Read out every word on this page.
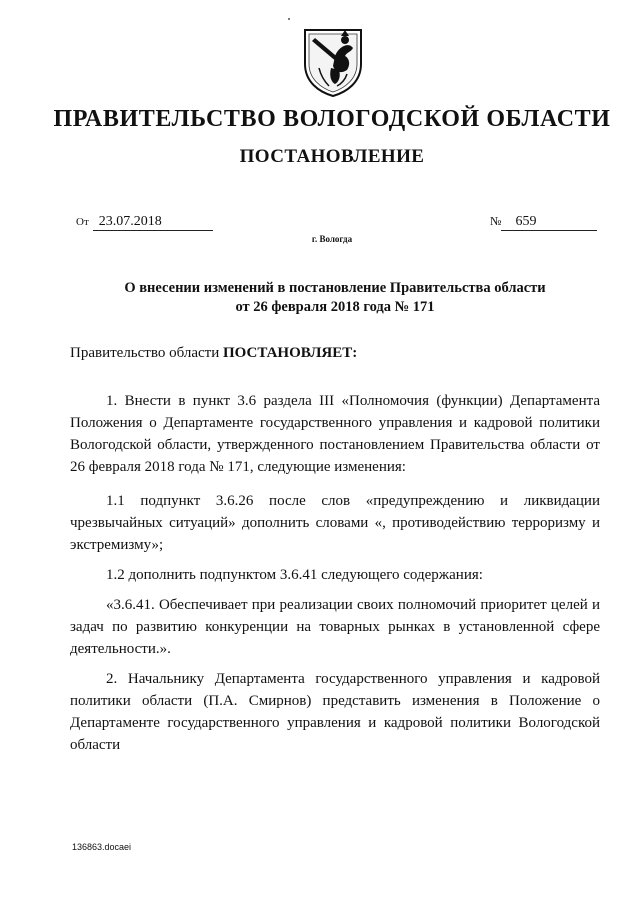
ПРАВИТЕЛЬСТВО ВОЛОГОДСКОЙ ОБЛАСТИ
ПОСТАНОВЛЕНИЕ
От 23.07.2018	№ 659
г. Вологда
О внесении изменений в постановление Правительства области
от 26 февраля 2018 года № 171
Правительство области ПОСТАНОВЛЯЕТ:

1. Внести в пункт 3.6 раздела III «Полномочия (функции) Департамента Положения о Департаменте государственного управления и кадровой политики Вологодской области, утвержденного постановлением Правительства области от 26 февраля 2018 года № 171, следующие изменения:

1.1 подпункт 3.6.26 после слов «предупреждению и ликвидации чрезвычайных ситуаций» дополнить словами «, противодействию терроризму и экстремизму»;

1.2 дополнить подпунктом 3.6.41 следующего содержания:

«3.6.41. Обеспечивает при реализации своих полномочий приоритет целей и задач по развитию конкуренции на товарных рынках в установленной сфере деятельности.».

2. Начальнику Департамента государственного управления и кадровой политики области (П.А. Смирнов) представить изменения в Положение о Департаменте государственного управления и кадровой политики Вологодской области

136863.docaei
